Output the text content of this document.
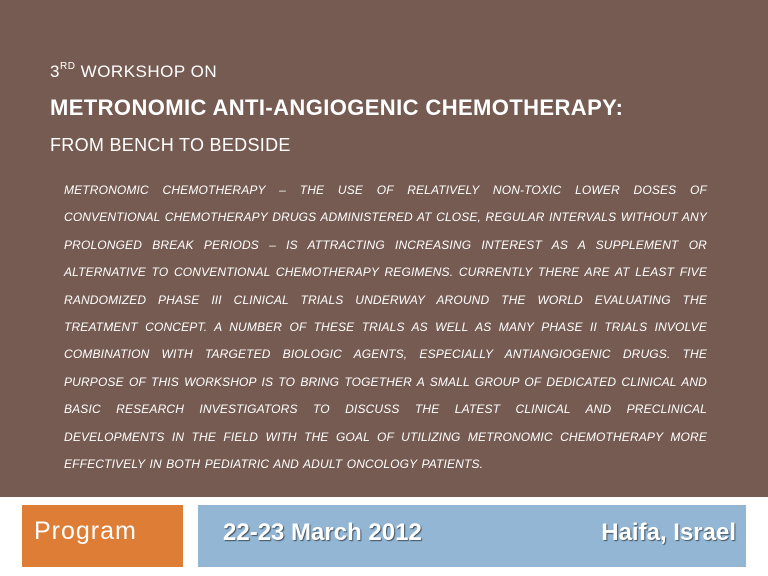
3RD WORKSHOP ON
METRONOMIC ANTI-ANGIOGENIC CHEMOTHERAPY:
FROM BENCH TO BEDSIDE
METRONOMIC CHEMOTHERAPY – THE USE OF RELATIVELY NON-TOXIC LOWER DOSES OF CONVENTIONAL CHEMOTHERAPY DRUGS ADMINISTERED AT CLOSE, REGULAR INTERVALS WITHOUT ANY PROLONGED BREAK PERIODS – IS ATTRACTING INCREASING INTEREST AS A SUPPLEMENT OR ALTERNATIVE TO CONVENTIONAL CHEMOTHERAPY REGIMENS. CURRENTLY THERE ARE AT LEAST FIVE RANDOMIZED PHASE III CLINICAL TRIALS UNDERWAY AROUND THE WORLD EVALUATING THE TREATMENT CONCEPT. A NUMBER OF THESE TRIALS AS WELL AS MANY PHASE II TRIALS INVOLVE COMBINATION WITH TARGETED BIOLOGIC AGENTS, ESPECIALLY ANTIANGIOGENIC DRUGS. THE PURPOSE OF THIS WORKSHOP IS TO BRING TOGETHER A SMALL GROUP OF DEDICATED CLINICAL AND BASIC RESEARCH INVESTIGATORS TO DISCUSS THE LATEST CLINICAL AND PRECLINICAL DEVELOPMENTS IN THE FIELD WITH THE GOAL OF UTILIZING METRONOMIC CHEMOTHERAPY MORE EFFECTIVELY IN BOTH PEDIATRIC AND ADULT ONCOLOGY PATIENTS.
Program	22-23 March 2012	Haifa, Israel
